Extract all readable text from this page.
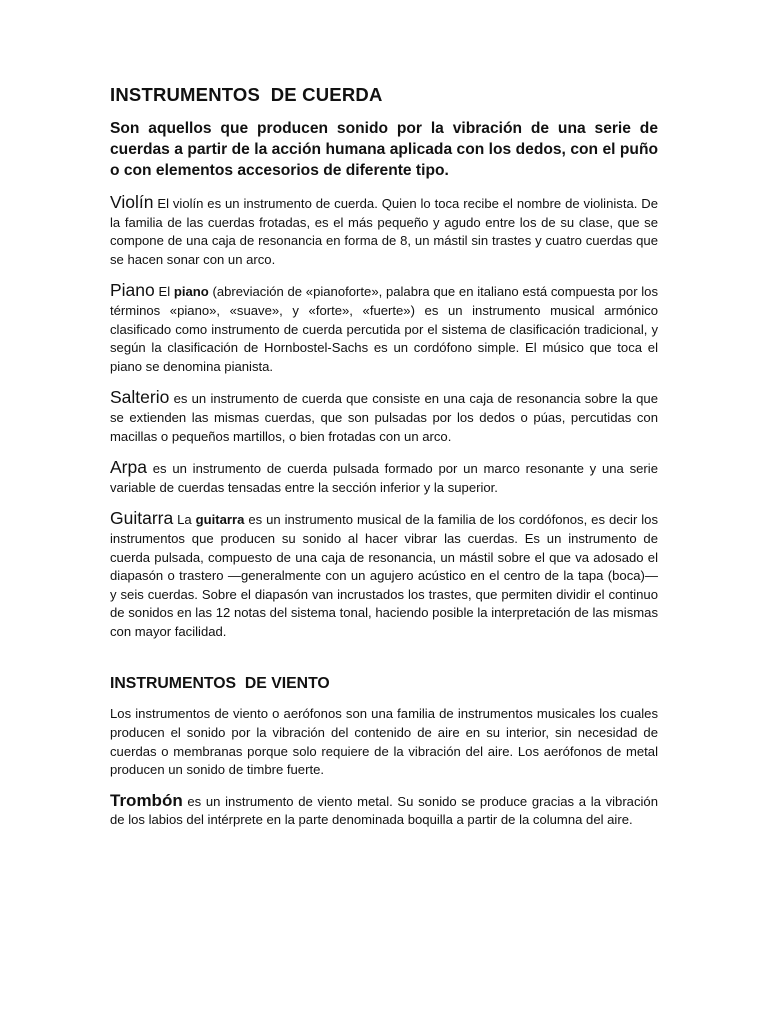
INSTRUMENTOS  DE CUERDA

Son aquellos que producen sonido por la vibración de una serie de cuerdas a partir de la acción humana aplicada con los dedos, con el puño o con elementos accesorios de diferente tipo.

Violín El violín es un instrumento de cuerda. Quien lo toca recibe el nombre de violinista. De la familia de las cuerdas frotadas, es el más pequeño y agudo entre los de su clase, que se compone de una caja de resonancia en forma de 8, un mástil sin trastes y cuatro cuerdas que se hacen sonar con un arco.

Piano El piano (abreviación de «pianoforte», palabra que en italiano está compuesta por los términos «piano», «suave», y «forte», «fuerte») es un instrumento musical armónico clasificado como instrumento de cuerda percutida por el sistema de clasificación tradicional, y según la clasificación de Hornbostel-Sachs es un cordófono simple. El músico que toca el piano se denomina pianista.

Salterio es un instrumento de cuerda que consiste en una caja de resonancia sobre la que se extienden las mismas cuerdas, que son pulsadas por los dedos o púas, percutidas con macillas o pequeños martillos, o bien frotadas con un arco.

Arpa es un instrumento de cuerda pulsada formado por un marco resonante y una serie variable de cuerdas tensadas entre la sección inferior y la superior.

Guitarra La guitarra es un instrumento musical de la familia de los cordófonos, es decir los instrumentos que producen su sonido al hacer vibrar las cuerdas. Es un instrumento de cuerda pulsada, compuesto de una caja de resonancia, un mástil sobre el que va adosado el diapasón o trastero —generalmente con un agujero acústico en el centro de la tapa (boca)— y seis cuerdas. Sobre el diapasón van incrustados los trastes, que permiten dividir el continuo de sonidos en las 12 notas del sistema tonal, haciendo posible la interpretación de las mismas con mayor facilidad.

INSTRUMENTOS  DE VIENTO

Los instrumentos de viento o aerófonos son una familia de instrumentos musicales los cuales producen el sonido por la vibración del contenido de aire en su interior, sin necesidad de cuerdas o membranas porque solo requiere de la vibración del aire. Los aerófonos de metal producen un sonido de timbre fuerte.

Trombón es un instrumento de viento metal. Su sonido se produce gracias a la vibración de los labios del intérprete en la parte denominada boquilla a partir de la columna del aire.
